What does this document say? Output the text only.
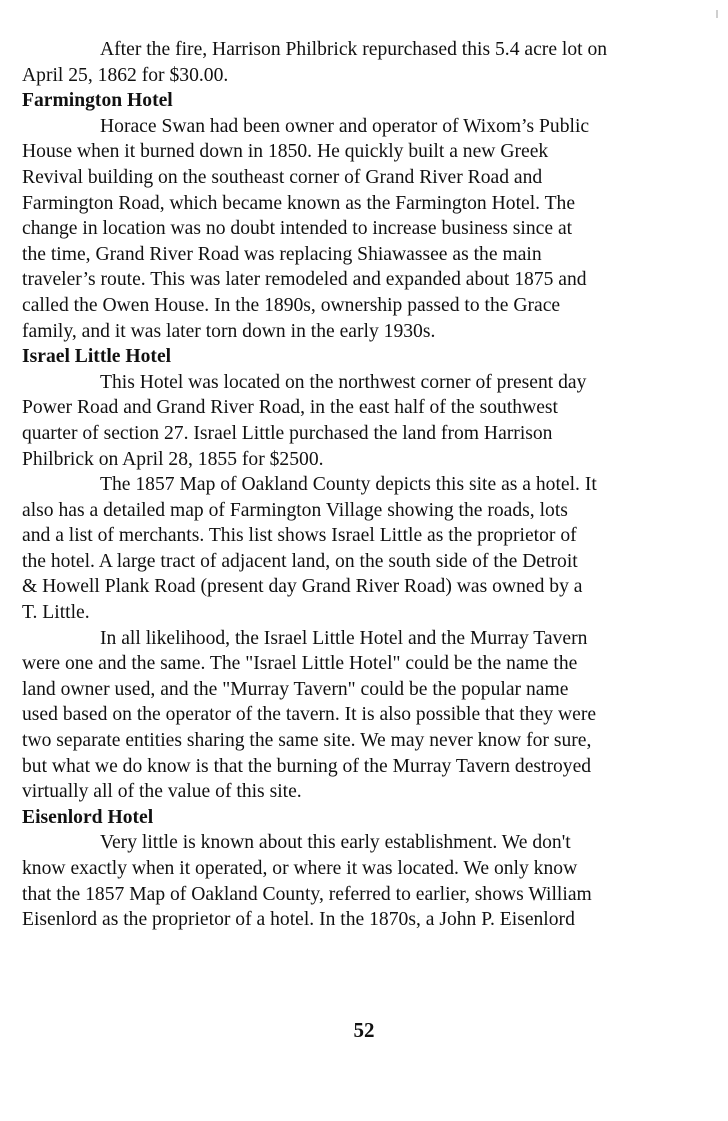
After the fire, Harrison Philbrick repurchased this 5.4 acre lot on
April 25, 1862 for $30.00.
Farmington Hotel
Horace Swan had been owner and operator of Wixom’s Public
House when it burned down in 1850. He quickly built a new Greek
Revival building on the southeast corner of Grand River Road and
Farmington Road, which became known as the Farmington Hotel. The
change in location was no doubt intended to increase business since at
the time, Grand River Road was replacing Shiawassee as the main
traveler’s route. This was later remodeled and expanded about 1875 and
called the Owen House. In the 1890s, ownership passed to the Grace
family, and it was later torn down in the early 1930s.
Israel Little Hotel
This Hotel was located on the northwest corner of present day
Power Road and Grand River Road, in the east half of the southwest
quarter of section 27. Israel Little purchased the land from Harrison
Philbrick on April 28, 1855 for $2500.
The 1857 Map of Oakland County depicts this site as a hotel. It
also has a detailed map of Farmington Village showing the roads, lots
and a list of merchants. This list shows Israel Little as the proprietor of
the hotel. A large tract of adjacent land, on the south side of the Detroit
& Howell Plank Road (present day Grand River Road) was owned by a
T. Little.
In all likelihood, the Israel Little Hotel and the Murray Tavern
were one and the same. The "Israel Little Hotel" could be the name the
land owner used, and the "Murray Tavern" could be the popular name
used based on the operator of the tavern. It is also possible that they were
two separate entities sharing the same site. We may never know for sure,
but what we do know is that the burning of the Murray Tavern destroyed
virtually all of the value of this site.
Eisenlord Hotel
Very little is known about this early establishment. We don't
know exactly when it operated, or where it was located. We only know
that the 1857 Map of Oakland County, referred to earlier, shows William
Eisenlord as the proprietor of a hotel. In the 1870s, a John P. Eisenlord
52
